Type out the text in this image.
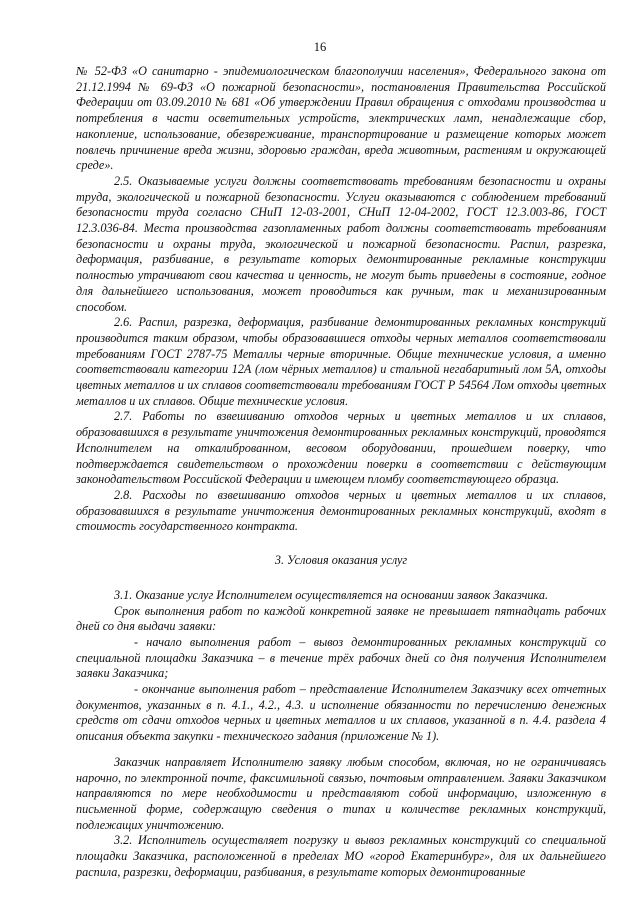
16

№ 52-ФЗ «О санитарно - эпидемиологическом благополучии населения», Федерального закона от 21.12.1994 № 69-ФЗ «О пожарной безопасности», постановления Правительства Российской Федерации от 03.09.2010 № 681 «Об утверждении Правил обращения с отходами производства и потребления в части осветительных устройств, электрических ламп, ненадлежащие сбор, накопление, использование, обезвреживание, транспортирование и размещение которых может повлечь причинение вреда жизни, здоровью граждан, вреда животным, растениям и окружающей среде».

2.5. Оказываемые услуги должны соответствовать требованиям безопасности и охраны труда, экологической и пожарной безопасности. Услуги оказываются с соблюдением требований безопасности труда согласно СНиП 12-03-2001, СНиП 12-04-2002, ГОСТ 12.3.003-86, ГОСТ 12.3.036-84. Места производства газопламенных работ должны соответствовать требованиям безопасности и охраны труда, экологической и пожарной безопасности. Распил, разрезка, деформация, разбивание, в результате которых демонтированные рекламные конструкции полностью утрачивают свои качества и ценность, не могут быть приведены в состояние, годное для дальнейшего использования, может проводиться как ручным, так и механизированным способом.

2.6. Распил, разрезка, деформация, разбивание демонтированных рекламных конструкций производится таким образом, чтобы образовавшиеся отходы черных металлов соответствовали требованиям ГОСТ 2787-75 Металлы черные вторичные. Общие технические условия, а именно соответствовали категории 12А (лом чёрных металлов) и стальной негабаритный лом 5А, отходы цветных металлов и их сплавов соответствовали требованиям ГОСТ Р 54564 Лом отходы цветных металлов и их сплавов. Общие технические условия.

2.7. Работы по взвешиванию отходов черных и цветных металлов и их сплавов, образовавшихся в результате уничтожения демонтированных рекламных конструкций, проводятся Исполнителем на откалиброванном, весовом оборудовании, прошедшем поверку, что подтверждается свидетельством о прохождении поверки в соответствии с действующим законодательством Российской Федерации и имеющем пломбу соответствующего образца.

2.8. Расходы по взвешиванию отходов черных и цветных металлов и их сплавов, образовавшихся в результате уничтожения демонтированных рекламных конструкций, входят в стоимость государственного контракта.

3. Условия оказания услуг

3.1. Оказание услуг Исполнителем осуществляется на основании заявок Заказчика.

Срок выполнения работ по каждой конкретной заявке не превышает пятнадцать рабочих дней со дня выдачи заявки:

- начало выполнения работ – вывоз демонтированных рекламных конструкций со специальной площадки Заказчика – в течение трёх рабочих дней со дня получения Исполнителем заявки Заказчика;

- окончание выполнения работ – представление Исполнителем Заказчику всех отчетных документов, указанных в п. 4.1., 4.2., 4.3. и исполнение обязанности по перечислению денежных средств от сдачи отходов черных и цветных металлов и их сплавов, указанной в п. 4.4. раздела 4 описания объекта закупки - технического задания (приложение № 1).

Заказчик направляет Исполнителю заявку любым способом, включая, но не ограничиваясь нарочно, по электронной почте, факсимильной связью, почтовым отправлением. Заявки Заказчиком направляются по мере необходимости и представляют собой информацию, изложенную в письменной форме, содержащую сведения о типах и количестве рекламных конструкций, подлежащих уничтожению.

3.2. Исполнитель осуществляет погрузку и вывоз рекламных конструкций со специальной площадки Заказчика, расположенной в пределах МО «город Екатеринбург», для их дальнейшего распила, разрезки, деформации, разбивания, в результате которых демонтированные
